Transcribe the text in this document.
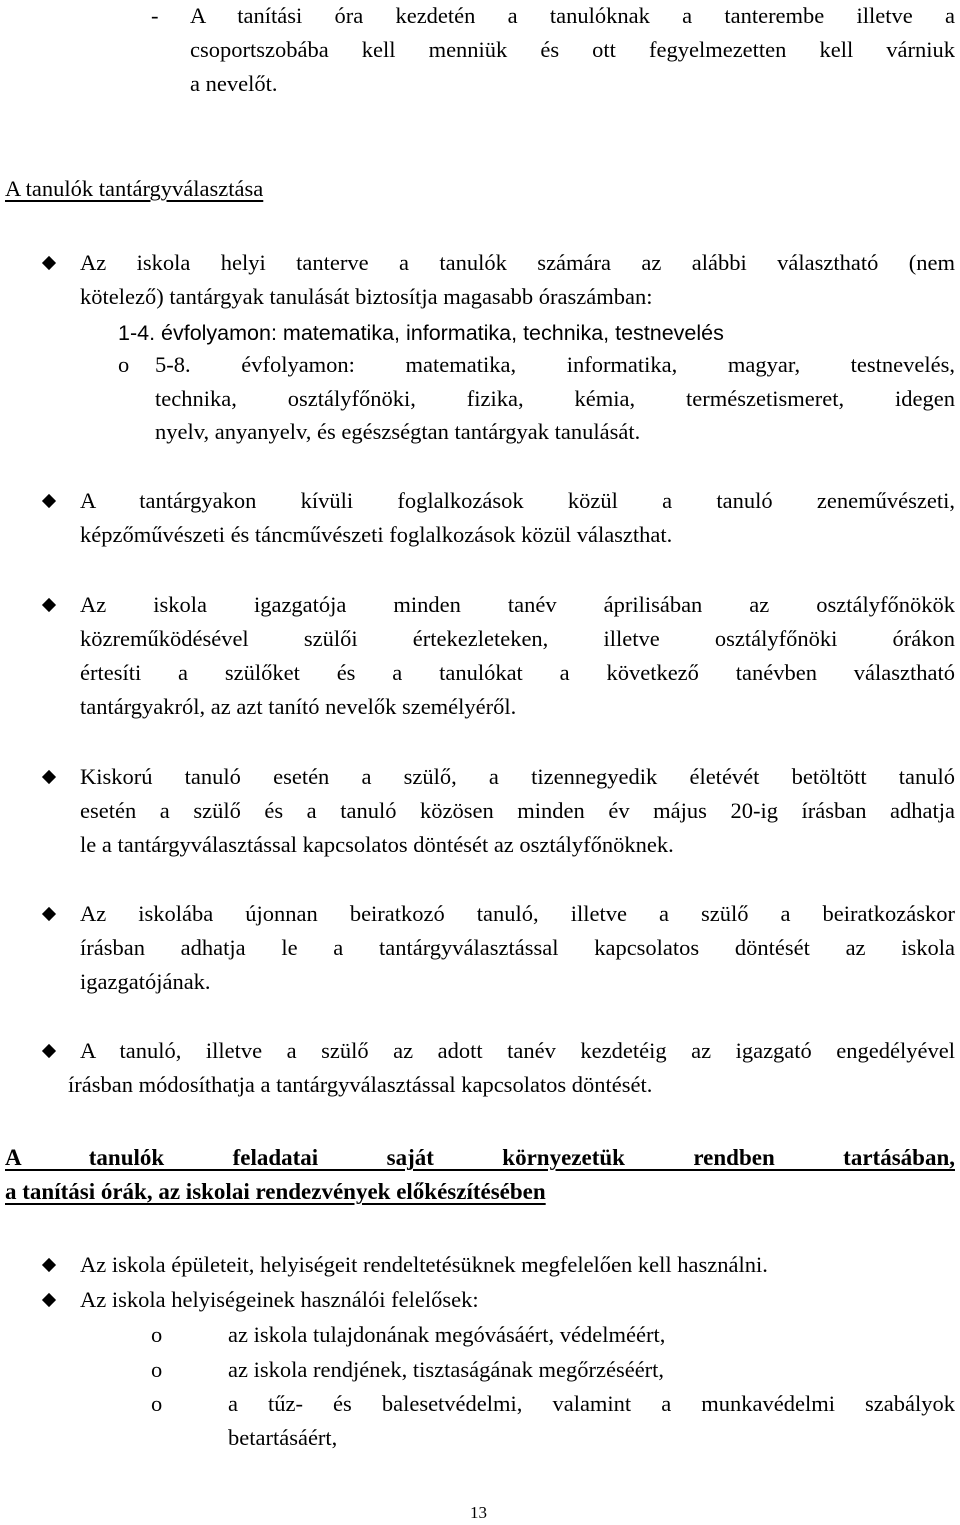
- A tanítási óra kezdetén a tanulóknak a tanterembe illetve a
csoportszobába kell menniük és ott fegyelmezetten kell várniuk
a nevelőt.
A tanulók tantárgyválasztása
Az iskola helyi tanterve a tanulók számára az alábbi választható (nem
kötelező) tantárgyak tanulását biztosítja magasabb óraszámban:
1-4. évfolyamon: matematika, informatika, technika, testnevelés
o 5-8. évfolyamon: matematika, informatika, magyar, testnevelés,
technika, osztályfőnöki, fizika, kémia, természetismeret, idegen
nyelv, anyanyelv, és egészségtan tantárgyak tanulását.
A tantárgyakon kívüli foglalkozások közül a tanuló zeneművészeti,
képzőművészeti és táncművészeti foglalkozások közül választhat.
Az iskola igazgatója minden tanév áprilisában az osztályfőnökök
közreműködésével szülői értekezleteken, illetve osztályfőnöki órákon
értesíti a szülőket és a tanulókat a következő tanévben választható
tantárgyakról, az azt tanító nevelők személyéről.
Kiskorú tanuló esetén a szülő, a tizennegyedik életévét betöltött tanuló
esetén a szülő és a tanuló közösen minden év május 20-ig írásban adhatja
le a tantárgyválasztással kapcsolatos döntését az osztályfőnöknek.
Az iskolába újonnan beiratkozó tanuló, illetve a szülő a beiratkozáskor
írásban adhatja le a tantárgyválasztással kapcsolatos döntését az iskola
igazgatójának.
A tanuló, illetve a szülő az adott tanév kezdetéig az igazgató engedélyével
írásban módosíthatja a tantárgyválasztással kapcsolatos döntését.
A tanulók feladatai saját környezetük rendben tartásában,
a tanítási órák, az iskolai rendezvények előkészítésében
Az iskola épületeit, helyiségeit rendeltetésüknek megfelelően kell használni.
Az iskola helyiségeinek használói felelősek:
o	az iskola tulajdonának megóvásáért, védelméért,
o	az iskola rendjének, tisztaságának megőrzéséért,
o	a tűz- és balesetvédelmi, valamint a munkavédelmi szabályok
betartásáért,
13
